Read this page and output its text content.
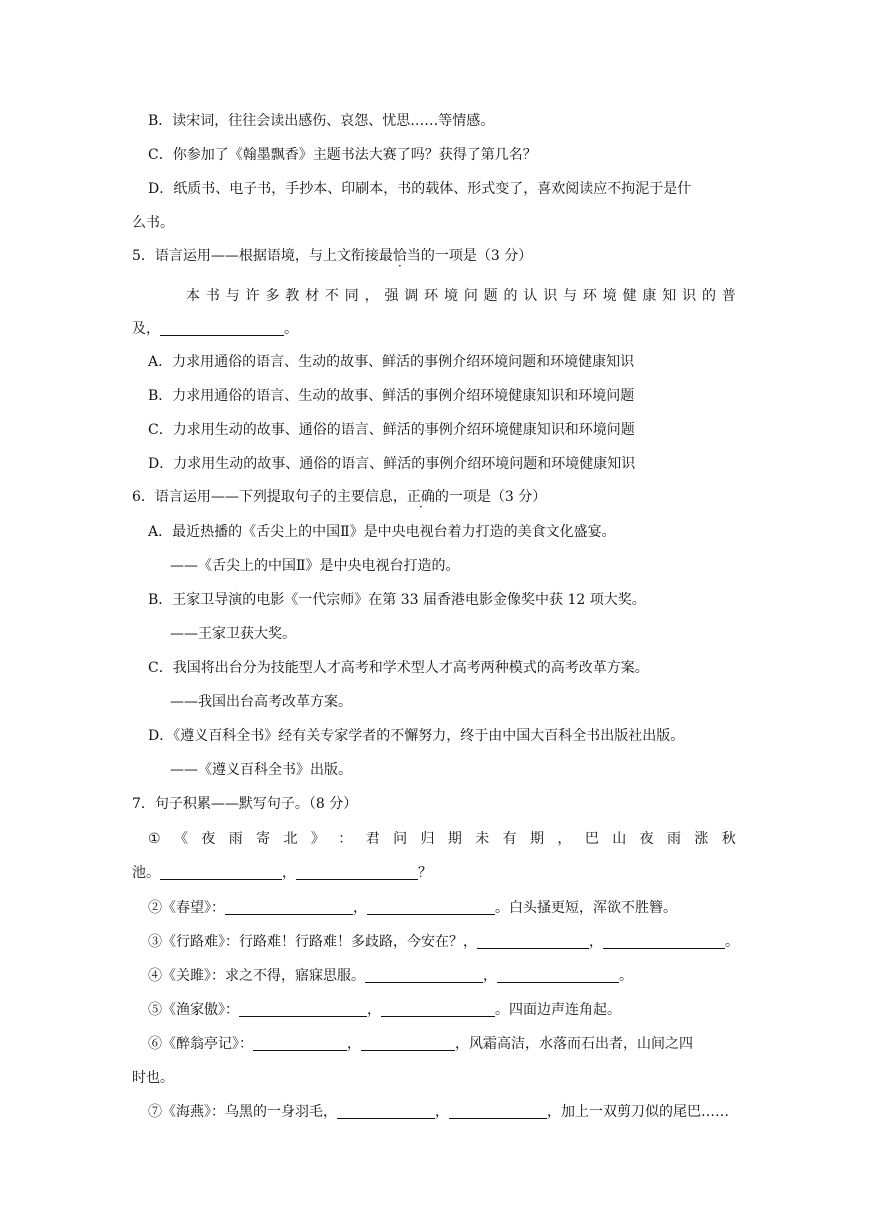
B．读宋词，往往会读出感伤、哀怨、忧思……等情感。
C．你参加了《翰墨飘香》主题书法大赛了吗？获得了第几名？
D．纸质书、电子书，手抄本、印刷本，书的载体、形式变了，喜欢阅读应不拘泥于是什
么书。
5．语言运用——根据语境，与上文衔接最恰当的一项是（3 分）
本 书 与 许 多 教 材 不 同 ， 强 调 环 境 问 题 的 认 识 与 环 境 健 康 知 识 的 普
及，	。
A．力求用通俗的语言、生动的故事、鲜活的事例介绍环境问题和环境健康知识
B．力求用通俗的语言、生动的故事、鲜活的事例介绍环境健康知识和环境问题
C．力求用生动的故事、通俗的语言、鲜活的事例介绍环境健康知识和环境问题
D．力求用生动的故事、通俗的语言、鲜活的事例介绍环境问题和环境健康知识
6．语言运用——下列提取句子的主要信息，正确的一项是（3 分）
A．最近热播的《舌尖上的中国Ⅱ》是中央电视台着力打造的美食文化盛宴。
——《舌尖上的中国Ⅱ》是中央电视台打造的。
B．王家卫导演的电影《一代宗师》在第 33 届香港电影金像奖中获 12 项大奖。
——王家卫获大奖。
C．我国将出台分为技能型人才高考和学术型人才高考两种模式的高考改革方案。
——我国出台高考改革方案。
D．《遵义百科全书》经有关专家学者的不懈努力，终于由中国大百科全书出版社出版。
——《遵义百科全书》出版。
7．句子积累——默写句子。（8 分）
① 《 夜 雨 寄 北 》 ： 君 问 归 期 未 有 期 ， 巴 山 夜 雨 涨 秋
池。	，	？
②《春望》：	，	。白头搔更短，浑欲不胜簪。
③《行路难》：行路难！行路难！多歧路，今安在？，	，	。
④《关雎》：求之不得，寤寐思服。	，	。
⑤《渔家傲》：	，	。四面边声连角起。
⑥《醉翁亭记》：	，	，风霜高洁，水落而石出者，山间之四
时也。
⑦《海燕》：乌黑的一身羽毛，	，	，加上一双剪刀似的尾巴……
